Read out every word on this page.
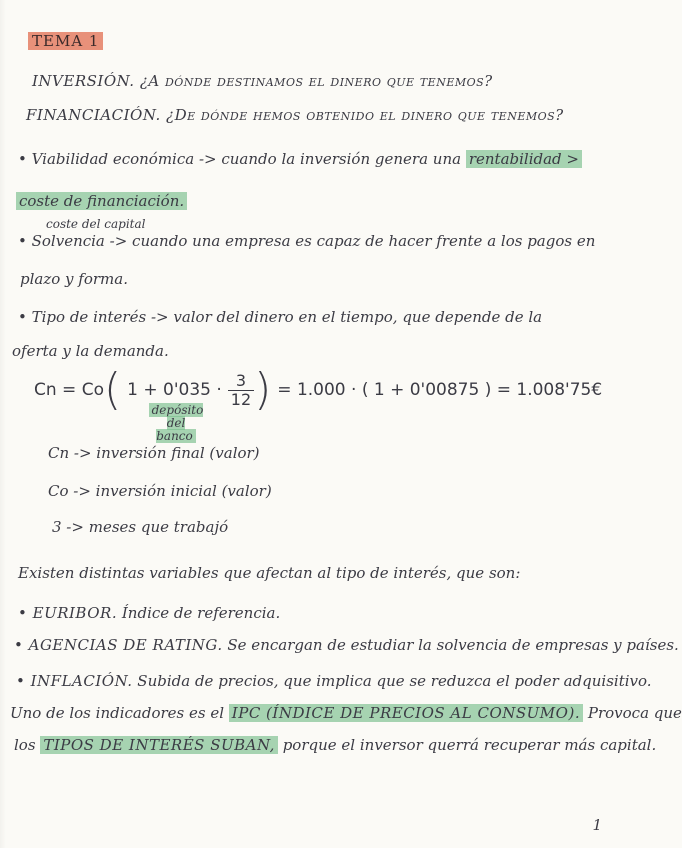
TEMA 1
INVERSIÓN. ¿A dónde destinamos el dinero que tenemos?
FINANCIACIÓN. ¿De dónde hemos obtenido el dinero que tenemos?
• Viabilidad económica -> cuando la inversión genera una rentabilidad >
coste de financiación.
coste del capital
• Solvencia -> cuando una empresa es capaz de hacer frente a los pagos en
plazo y forma.
• Tipo de interés -> valor del dinero en el tiempo, que depende de la
oferta y la demanda.
Cn = Co ( $1 + 0'035 \cdot \frac{3}{12}$ ) = 1.000 · ( 1 + 0'00875 ) = 1.008'75€
depósito del banco
Cn -> inversión final (valor)
Co -> inversión inicial (valor)
3 -> meses que trabajó
Existen distintas variables que afectan al tipo de interés, que son:
• EURIBOR. Índice de referencia.
• AGENCIAS DE RATING. Se encargan de estudiar la solvencia de empresas y países.
• INFLACIÓN. Subida de precios, que implica que se reduzca el poder adquisitivo.
Uno de los indicadores es el IPC (ÍNDICE DE PRECIOS AL CONSUMO). Provoca que
los TIPOS DE INTERÉS SUBAN, porque el inversor querrá recuperar más capital.
1
